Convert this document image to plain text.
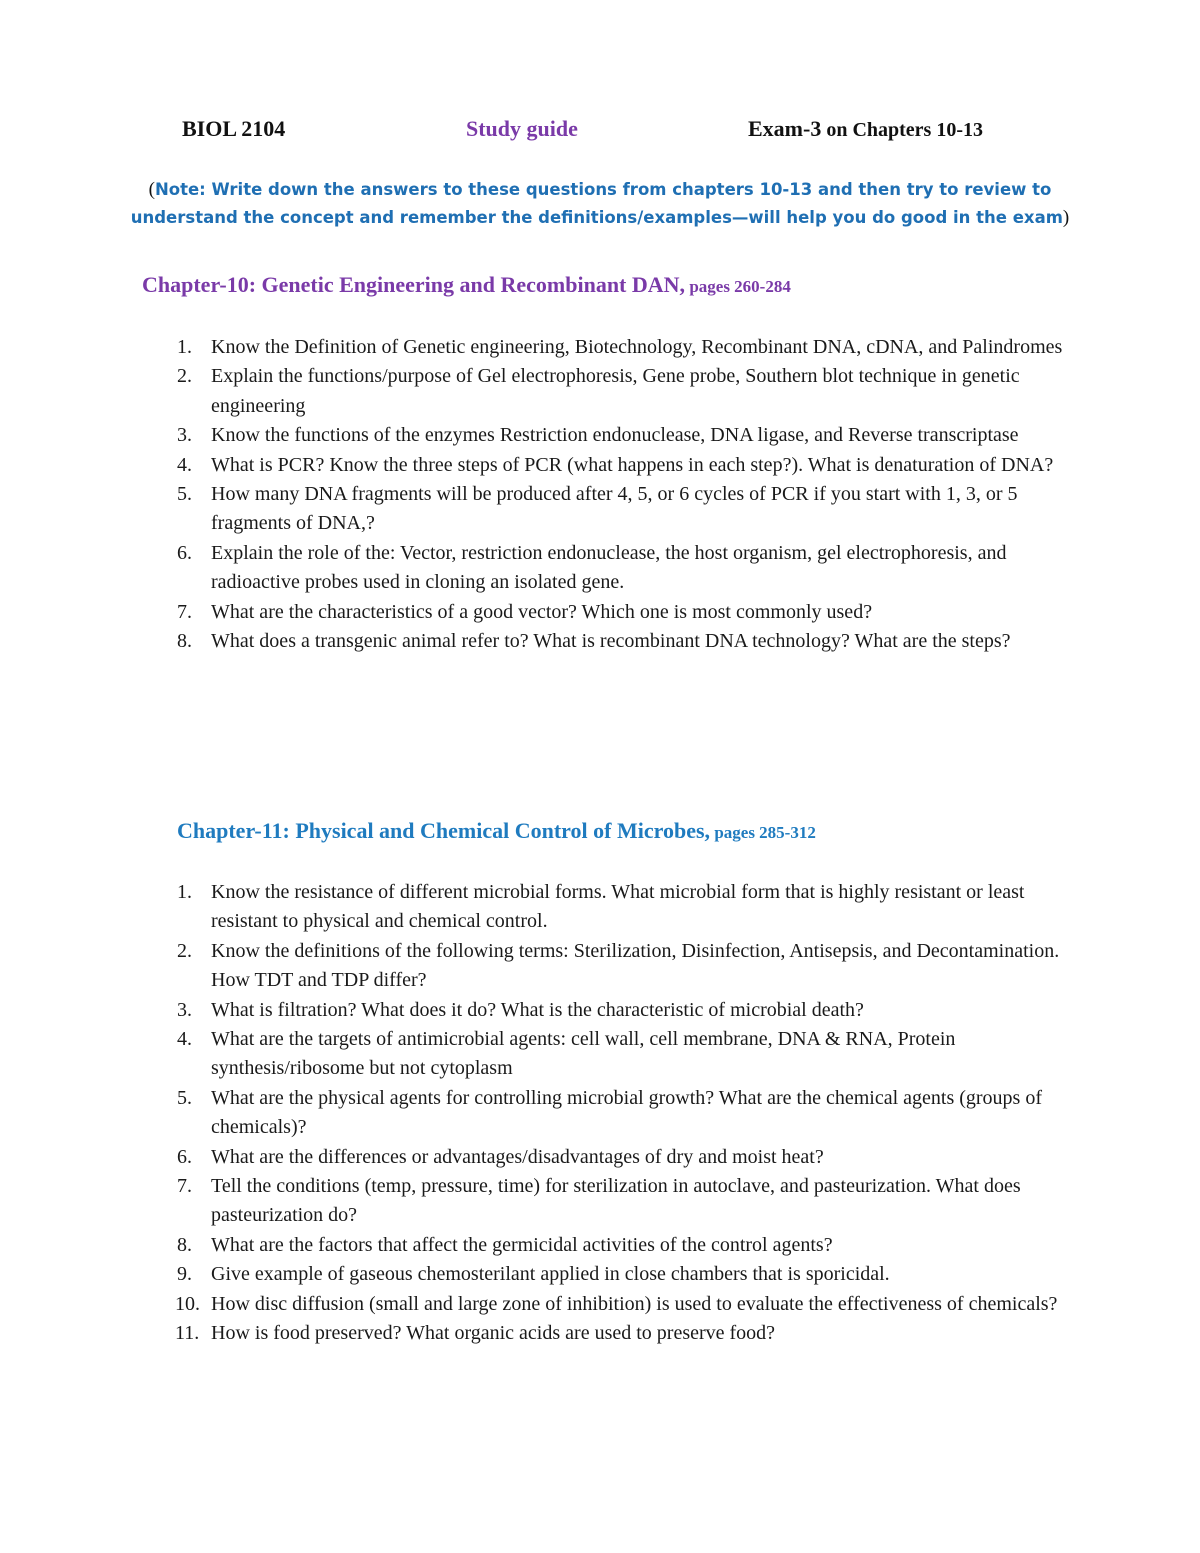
BIOL 2104	Study guide	Exam-3 on Chapters 10-13
(Note: Write down the answers to these questions from chapters 10-13 and then try to review to understand the concept and remember the definitions/examples—will help you do good in the exam)
Chapter-10: Genetic Engineering and Recombinant DAN, pages 260-284
1. Know the Definition of Genetic engineering, Biotechnology, Recombinant DNA, cDNA, and Palindromes
2. Explain the functions/purpose of Gel electrophoresis, Gene probe, Southern blot technique in genetic engineering
3. Know the functions of the enzymes Restriction endonuclease, DNA ligase, and Reverse transcriptase
4. What is PCR? Know the three steps of PCR (what happens in each step?). What is denaturation of DNA?
5. How many DNA fragments will be produced after 4, 5, or 6 cycles of PCR if you start with 1, 3, or 5 fragments of DNA,?
6. Explain the role of the: Vector, restriction endonuclease, the host organism, gel electrophoresis, and radioactive probes used in cloning an isolated gene.
7. What are the characteristics of a good vector? Which one is most commonly used?
8. What does a transgenic animal refer to? What is recombinant DNA technology? What are the steps?
Chapter-11: Physical and Chemical Control of Microbes, pages 285-312
1. Know the resistance of different microbial forms. What microbial form that is highly resistant or least resistant to physical and chemical control.
2. Know the definitions of the following terms: Sterilization, Disinfection, Antisepsis, and Decontamination. How TDT and TDP differ?
3. What is filtration? What does it do? What is the characteristic of microbial death?
4. What are the targets of antimicrobial agents: cell wall, cell membrane, DNA & RNA, Protein synthesis/ribosome but not cytoplasm
5. What are the physical agents for controlling microbial growth? What are the chemical agents (groups of chemicals)?
6. What are the differences or advantages/disadvantages of dry and moist heat?
7. Tell the conditions (temp, pressure, time) for sterilization in autoclave, and pasteurization. What does pasteurization do?
8. What are the factors that affect the germicidal activities of the control agents?
9. Give example of gaseous chemosterilant applied in close chambers that is sporicidal.
10. How disc diffusion (small and large zone of inhibition) is used to evaluate the effectiveness of chemicals?
11. How is food preserved? What organic acids are used to preserve food?
